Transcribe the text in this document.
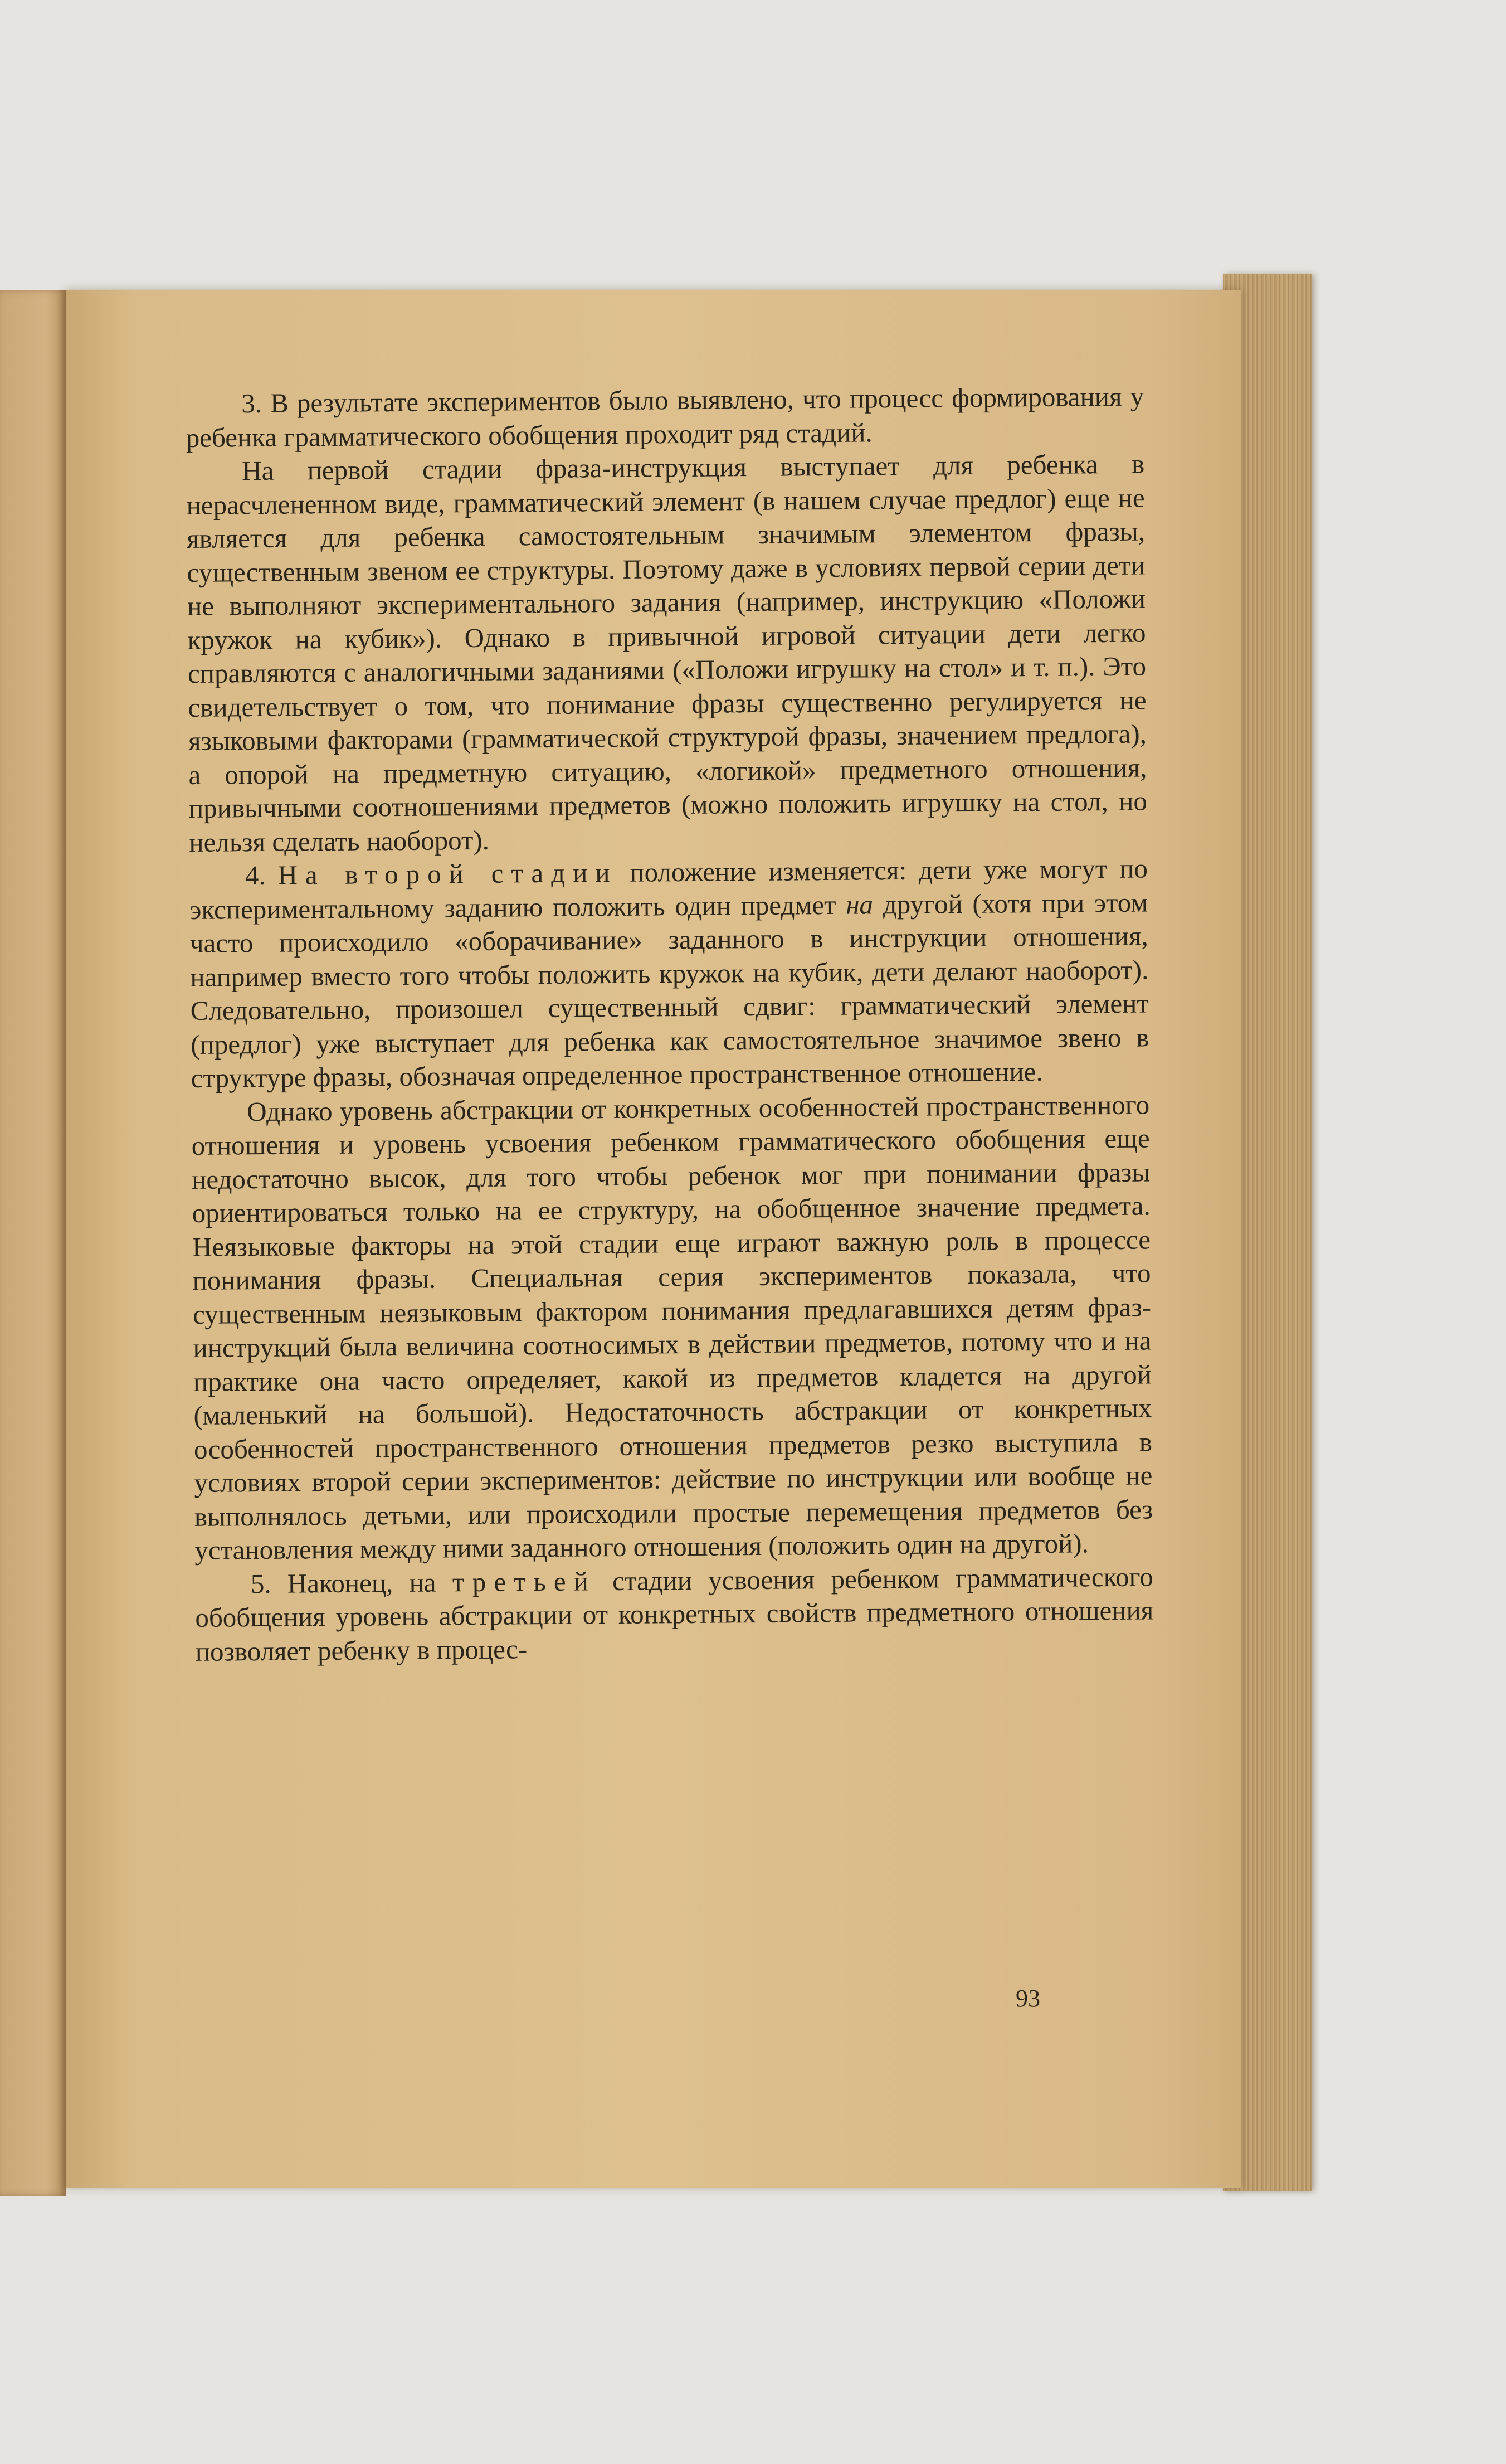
3. В результате экспериментов было выявлено, что процесс формирования у ребенка грамматического обобщения проходит ряд стадий.

На первой стадии фраза-инструкция выступает для ребенка в нерасчлененном виде, грамматический элемент (в нашем случае предлог) еще не является для ребенка самостоятельным значимым элементом фразы, существенным звеном ее структуры. Поэтому даже в условиях первой серии дети не выполняют экспериментального задания (например, инструкцию «Положи кружок на кубик»). Однако в привычной игровой ситуации дети легко справляются с аналогичными заданиями («Положи игрушку на стол» и т. п.). Это свидетельствует о том, что понимание фразы существенно регулируется не языковыми факторами (грамматической структурой фразы, значением предлога), а опорой на предметную ситуацию, «логикой» предметного отношения, привычными соотношениями предметов (можно положить игрушку на стол, но нельзя сделать наоборот).

4. На второй стадии положение изменяется: дети уже могут по экспериментальному заданию положить один предмет на другой (хотя при этом часто происходило «оборачивание» заданного в инструкции отношения, например вместо того чтобы положить кружок на кубик, дети делают наоборот). Следовательно, произошел существенный сдвиг: грамматический элемент (предлог) уже выступает для ребенка как самостоятельное значимое звено в структуре фразы, обозначая определенное пространственное отношение.

Однако уровень абстракции от конкретных особенностей пространственного отношения и уровень усвоения ребенком грамматического обобщения еще недостаточно высок, для того чтобы ребенок мог при понимании фразы ориентироваться только на ее структуру, на обобщенное значение предмета. Неязыковые факторы на этой стадии еще играют важную роль в процессе понимания фразы. Специальная серия экспериментов показала, что существенным неязыковым фактором понимания предлагавшихся детям фраз-инструкций была величина соотносимых в действии предметов, потому что и на практике она часто определяет, какой из предметов кладется на другой (маленький на большой). Недостаточность абстракции от конкретных особенностей пространственного отношения предметов резко выступила в условиях второй серии экспериментов: действие по инструкции или вообще не выполнялось детьми, или происходили простые перемещения предметов без установления между ними заданного отношения (положить один на другой).

5. Наконец, на третьей стадии усвоения ребенком грамматического обобщения уровень абстракции от конкретных свойств предметного отношения позволяет ребенку в процес-

93
